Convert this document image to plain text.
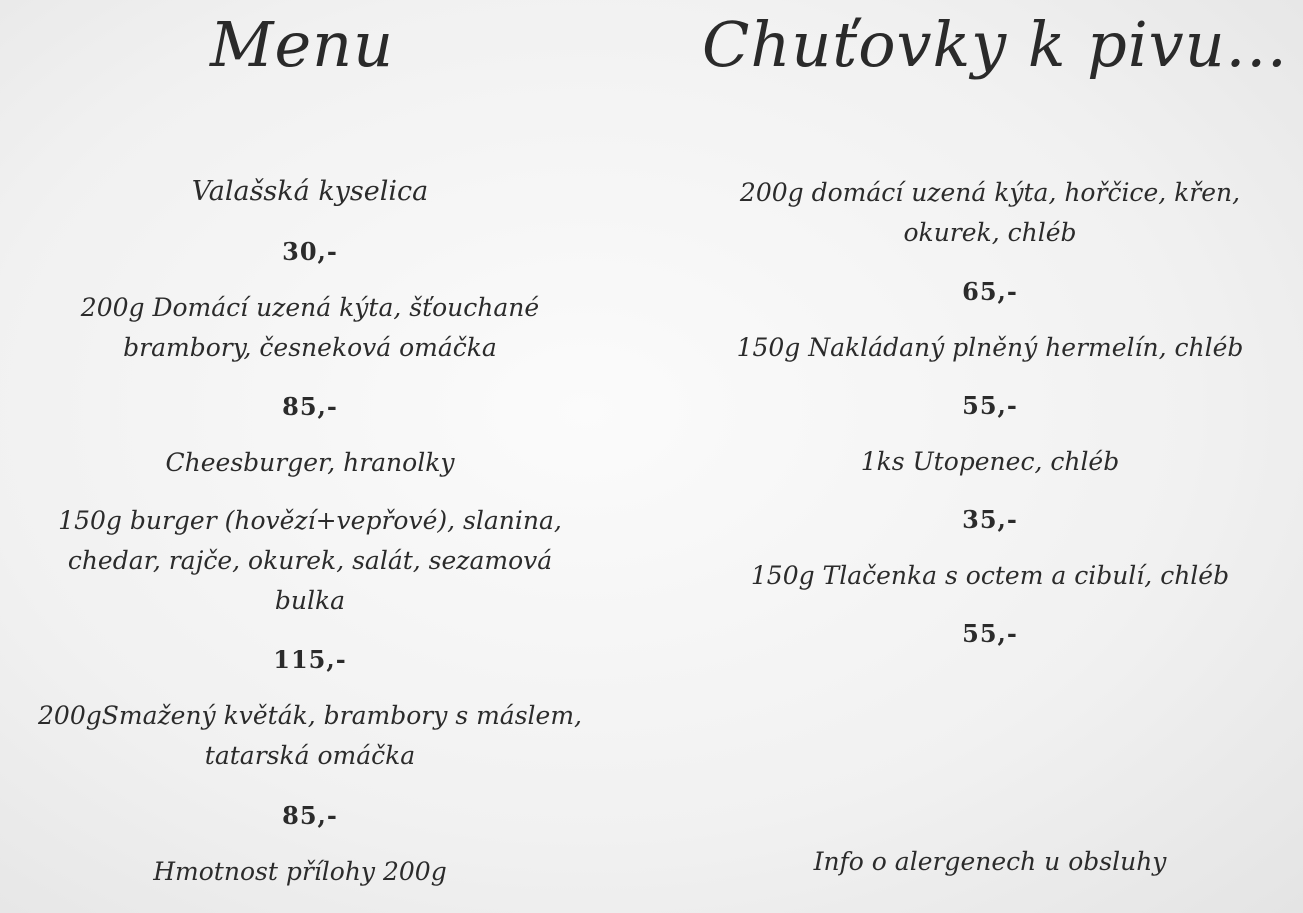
Menu
Valašská kyselica
30,-
200g Domácí uzená kýta, šťouchané
brambory, česneková omáčka
85,-
Cheesburger, hranolky
150g burger (hovězí+vepřové), slanina,
chedar, rajče, okurek, salát, sezamová
bulka
115,-
200gSmažený květák, brambory s máslem,
tatarská omáčka
85,-
Hmotnost přílohy 200g
Chuťovky k pivu...
200g domácí uzená kýta, hořčice, křen,
okurek, chléb
65,-
150g Nakládaný plněný hermelín, chléb
55,-
1ks Utopenec, chléb
35,-
150g Tlačenka s octem a cibulí, chléb
55,-
Info o alergenech u obsluhy
